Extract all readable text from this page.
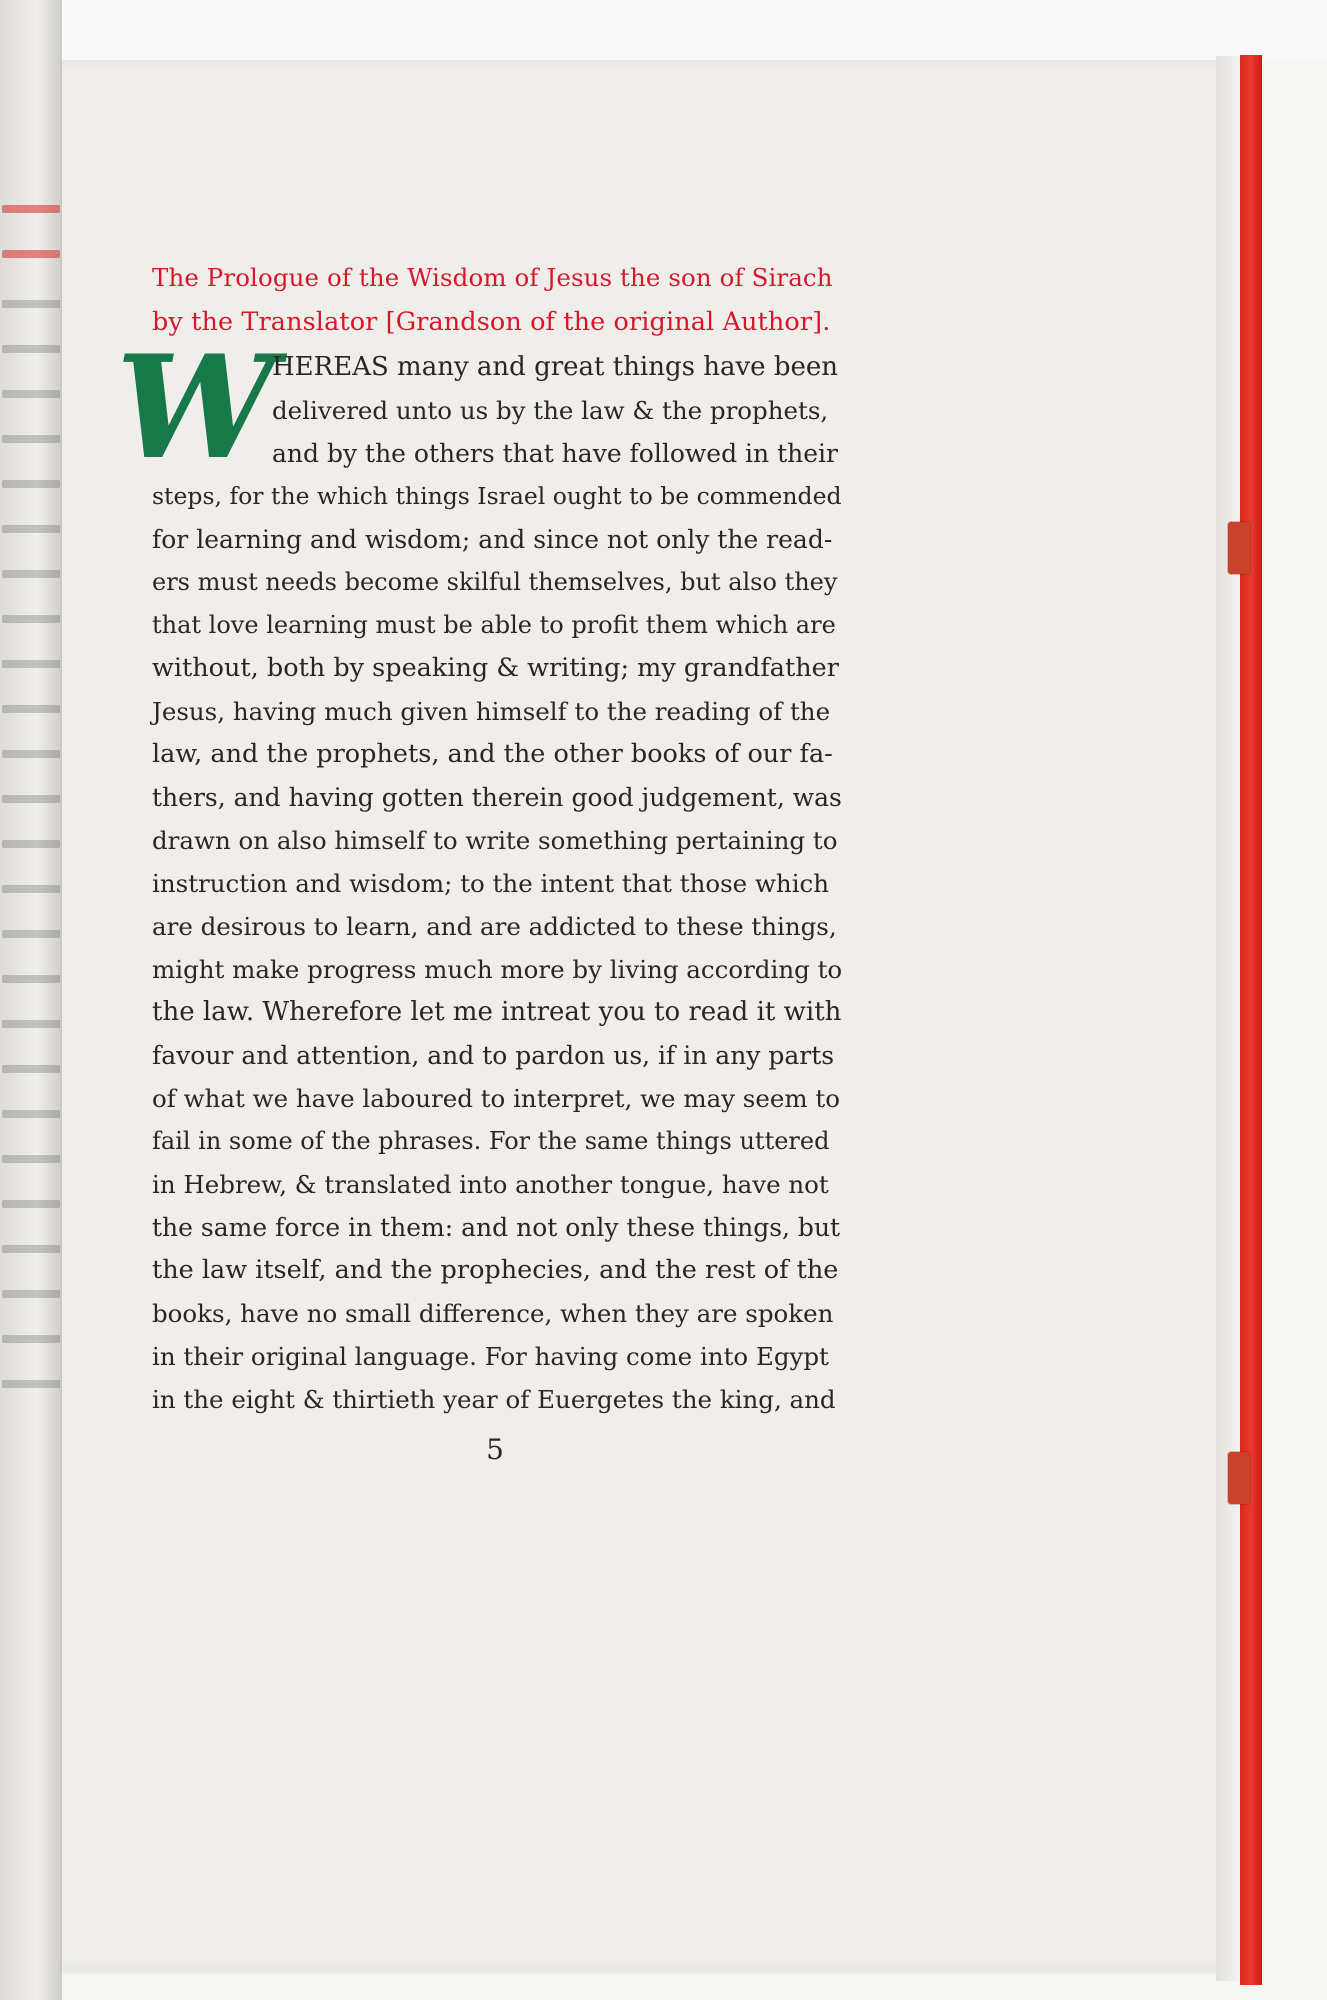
The Prologue of the Wisdom of Jesus the son of Sirach
by the Translator [Grandson of the original Author].
W
HEREAS many and great things have been
delivered unto us by the law & the prophets,
and by the others that have followed in their
steps, for the which things Israel ought to be commended
for learning and wisdom; and since not only the read-
ers must needs become skilful themselves, but also they
that love learning must be able to profit them which are
without, both by speaking & writing; my grandfather
Jesus, having much given himself to the reading of the
law, and the prophets, and the other books of our fa-
thers, and having gotten therein good judgement, was
drawn on also himself to write something pertaining to
instruction and wisdom; to the intent that those which
are desirous to learn, and are addicted to these things,
might make progress much more by living according to
the law. Wherefore let me intreat you to read it with
favour and attention, and to pardon us, if in any parts
of what we have laboured to interpret, we may seem to
fail in some of the phrases. For the same things uttered
in Hebrew, & translated into another tongue, have not
the same force in them: and not only these things, but
the law itself, and the prophecies, and the rest of the
books, have no small difference, when they are spoken
in their original language. For having come into Egypt
in the eight & thirtieth year of Euergetes the king, and
5
